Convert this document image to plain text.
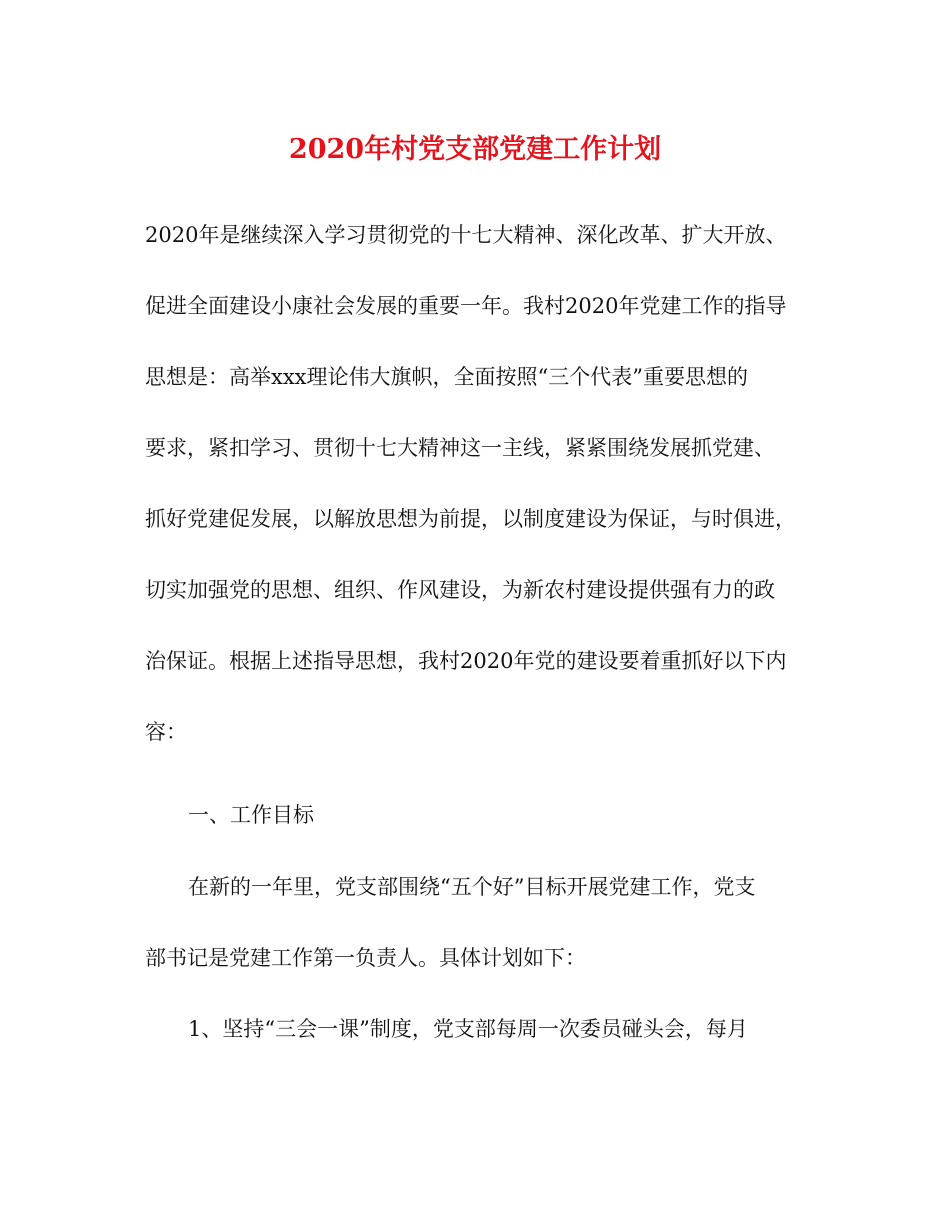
2020年村党支部党建工作计划
2020年是继续深入学习贯彻党的十七大精神、深化改革、扩大开放、
促进全面建设小康社会发展的重要一年。我村2020年党建工作的指导
思想是：高举xxx理论伟大旗帜，全面按照“三个代表”重要思想的
要求，紧扣学习、贯彻十七大精神这一主线，紧紧围绕发展抓党建、
抓好党建促发展，以解放思想为前提，以制度建设为保证，与时俱进，
切实加强党的思想、组织、作风建设，为新农村建设提供强有力的政
治保证。根据上述指导思想，我村2020年党的建设要着重抓好以下内
容：
一、工作目标
在新的一年里，党支部围绕“五个好”目标开展党建工作，党支
部书记是党建工作第一负责人。具体计划如下：
1、坚持“三会一课”制度，党支部每周一次委员碰头会，每月
